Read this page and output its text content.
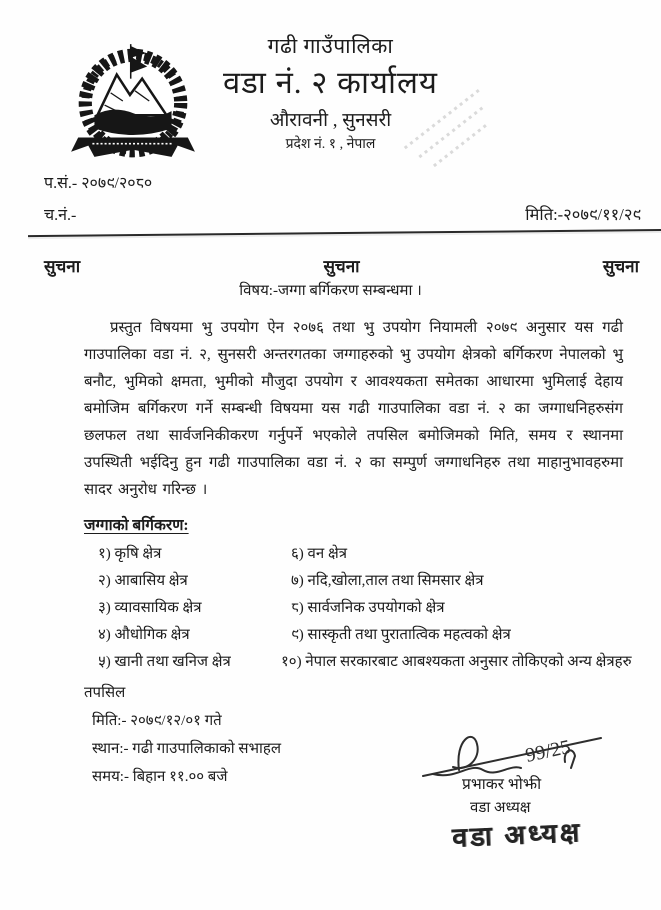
गढी गाउँपालिका
वडा नं. २ कार्यालय
औरावनी , सुनसरी
प्रदेश नं. १ , नेपाल
प.सं.- २०७९/२०८०
च.नं.-	मिति:-२०७९/११/२९
सुचना	सुचना	सुचना
विषय:-जग्गा बर्गिकरण सम्बन्धमा ।
प्रस्तुत विषयमा भु उपयोग ऐन २०७६ तथा भु उपयोग नियामली २०७९ अनुसार यस गढी गाउपालिका वडा नं. २, सुनसरी अन्तरगतका जग्गाहरुको भु उपयोग क्षेत्रको बर्गिकरण नेपालको भु बनौट, भुमिको क्षमता, भुमीको मौजुदा उपयोग र आवश्यकता समेतका आधारमा भुमिलाई देहाय बमोजिम बर्गिकरण गर्ने सम्बन्धी विषयमा यस गढी गाउपालिका वडा नं. २ का जग्गाधनिहरुसंग छलफल तथा सार्वजनिकीकरण गर्नुपर्ने भएकोले तपसिल बमोजिमको मिति, समय र स्थानमा उपस्थिती भईदिनु हुन गढी गाउपालिका वडा नं. २ का सम्पुर्ण जग्गाधनिहरु तथा माहानुभावहरुमा सादर अनुरोध गरिन्छ ।
जग्गाको बर्गिकरण:
१) कृषि क्षेत्र	६) वन क्षेत्र
२) आबासिय क्षेत्र	७) नदि,खोला,ताल तथा सिमसार क्षेत्र
३) व्यावसायिक क्षेत्र	८) सार्वजनिक उपयोगको क्षेत्र
४) औधोगिक क्षेत्र	९) सास्कृती तथा पुरातात्विक महत्वको क्षेत्र
५) खानी तथा खनिज क्षेत्र	१०) नेपाल सरकारबाट आबश्यकता अनुसार तोकिएको अन्य क्षेत्रहरु
तपसिल
मिति:- २०७९/१२/०१ गते
स्थान:- गढी गाउपालिकाको सभाहल
समय:- बिहान ११.०० बजे
99/25
प्रभाकर भोझी
वडा अध्यक्ष
वडा अध्यक्ष
